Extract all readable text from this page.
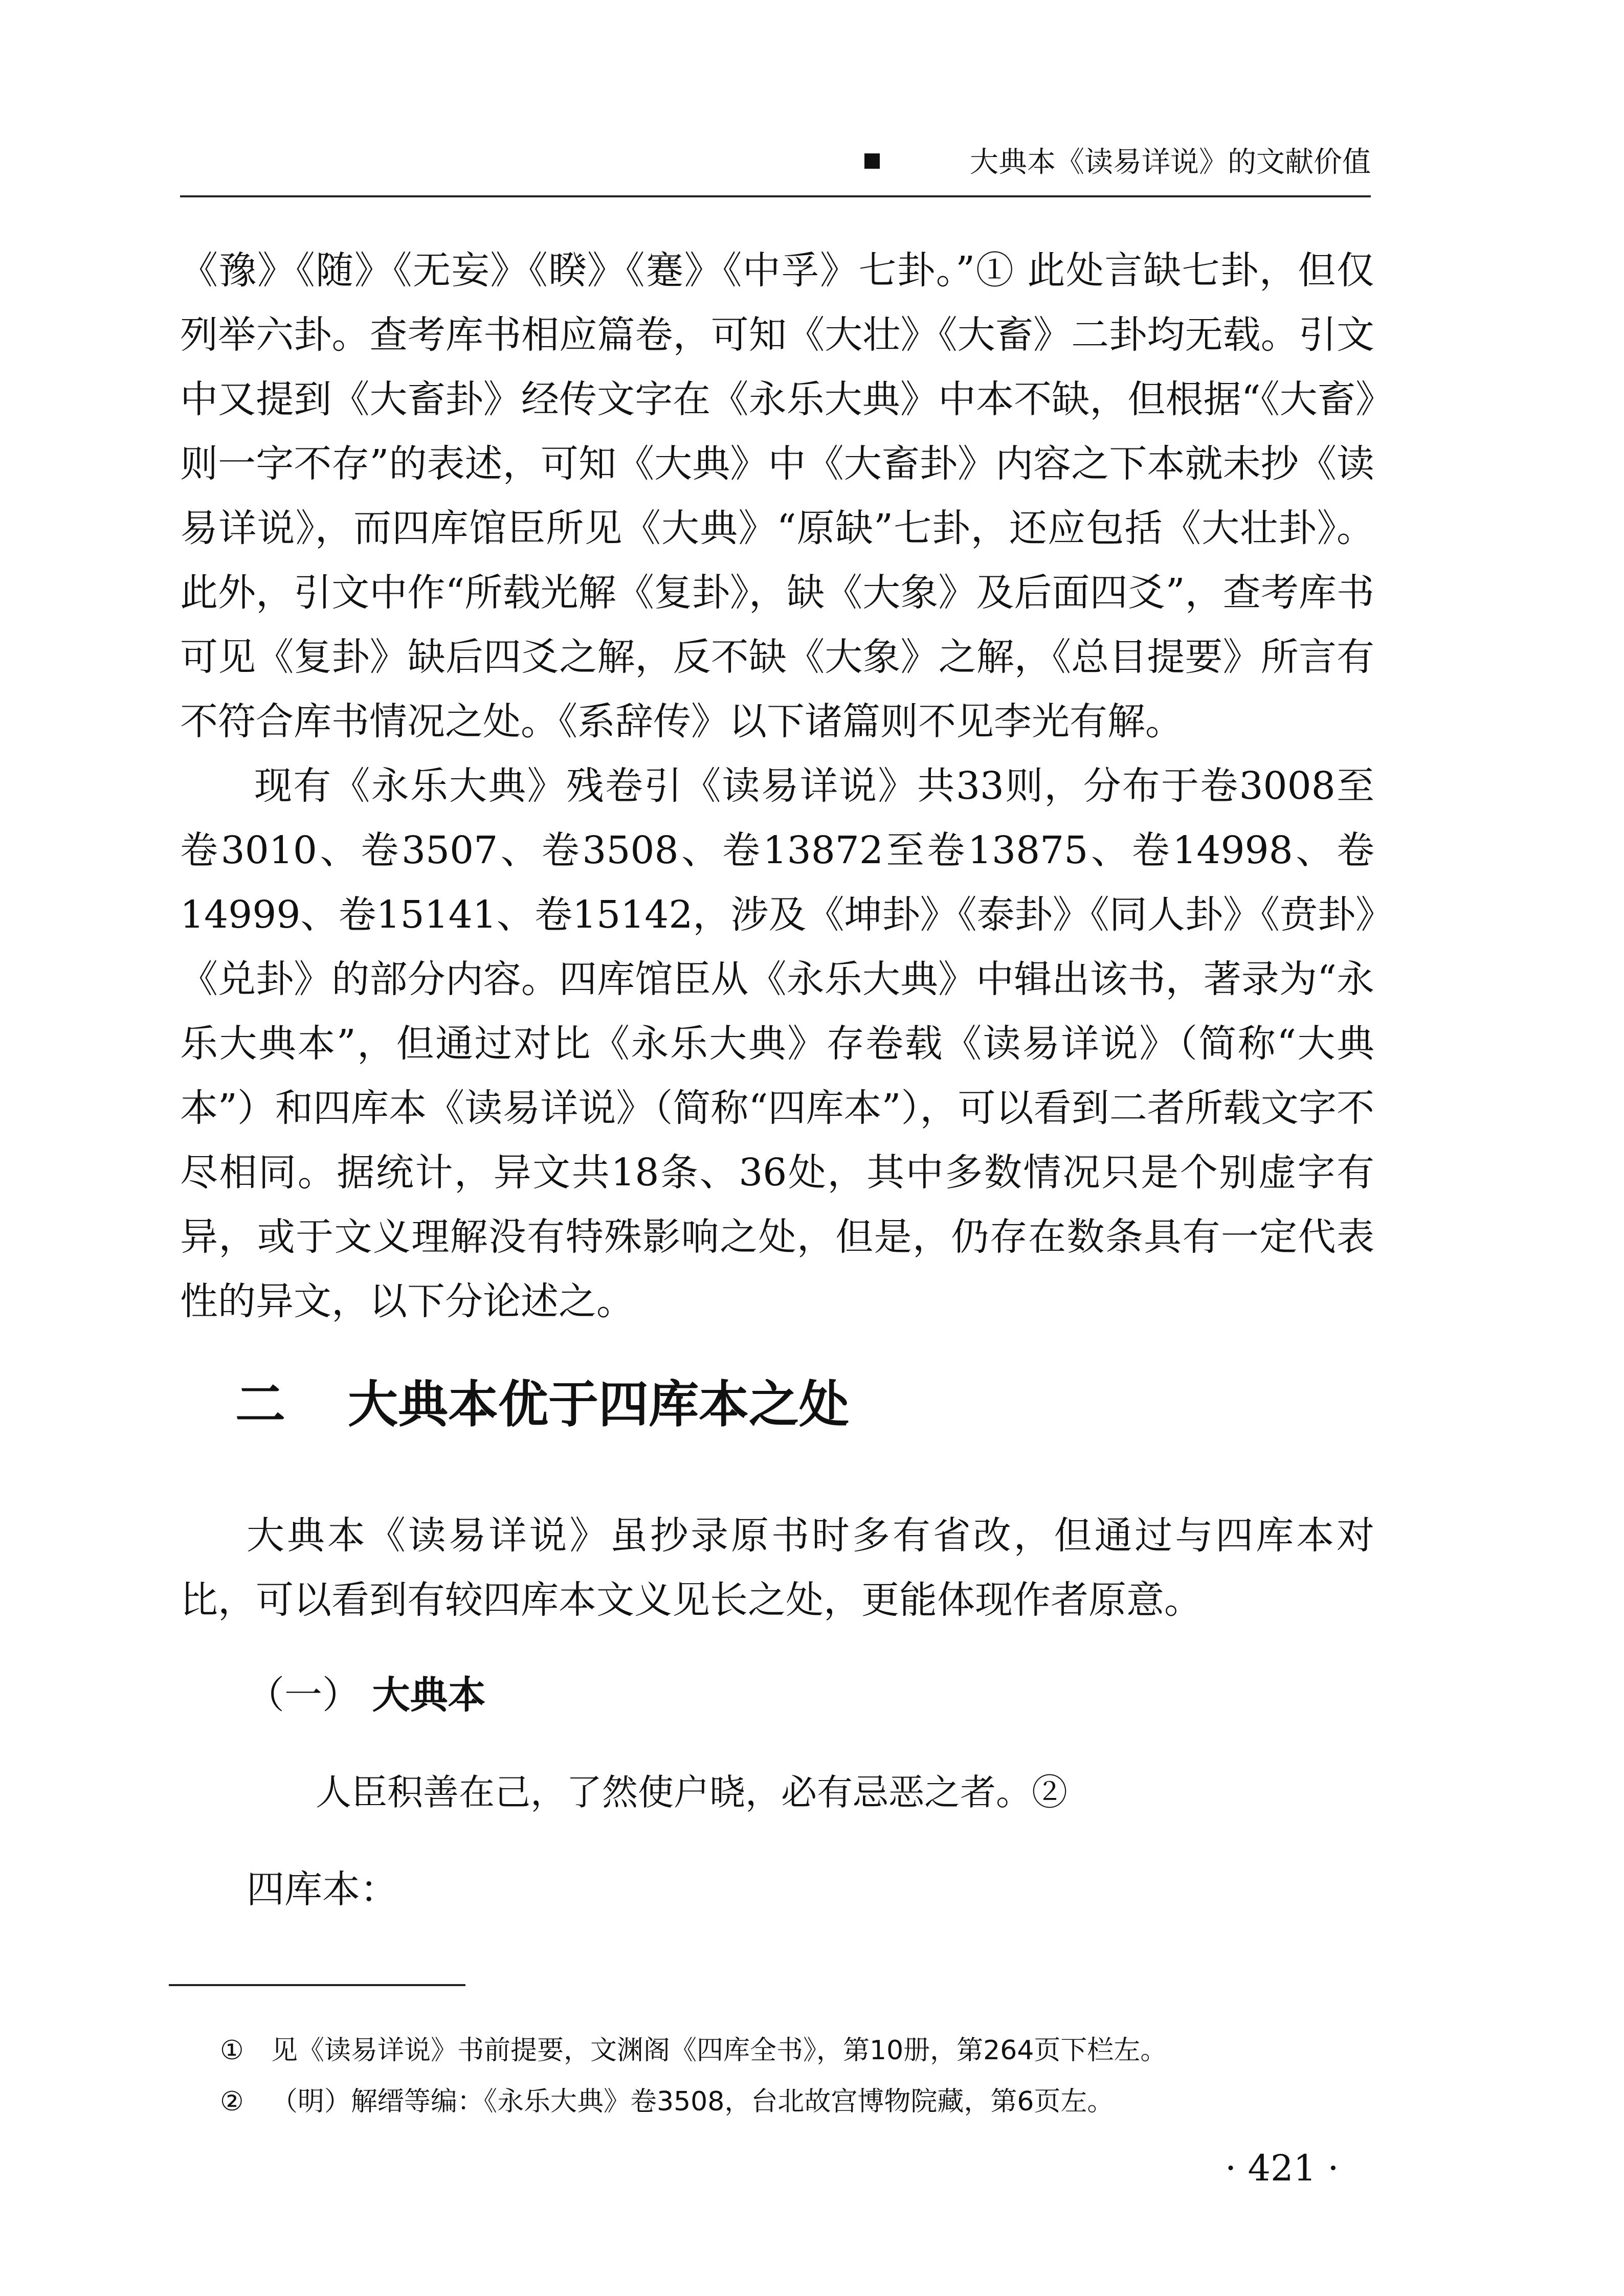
大典本《读易详说》的文献价值

《豫》《随》《无妄》《睽》《蹇》《中孚》七卦。”① 此处言缺七卦，但仅列举六卦。查考库书相应篇卷，可知《大壮》《大畜》二卦均无载。引文中又提到《大畜卦》经传文字在《永乐大典》中本不缺，但根据“《大畜》则一字不存”的表述，可知《大典》中《大畜卦》内容之下本就未抄《读易详说》，而四库馆臣所见《大典》“原缺”七卦，还应包括《大壮卦》。此外，引文中作“所载光解《复卦》，缺《大象》及后面四爻”，查考库书可见《复卦》缺后四爻之解，反不缺《大象》之解，《总目提要》所言有不符合库书情况之处。《系辞传》以下诸篇则不见李光有解。

现有《永乐大典》残卷引《读易详说》共33则，分布于卷3008至卷3010、卷3507、卷3508、卷13872至卷13875、卷14998、卷14999、卷15141、卷15142，涉及《坤卦》《泰卦》《同人卦》《贲卦》《兑卦》的部分内容。四库馆臣从《永乐大典》中辑出该书，著录为“永乐大典本”，但通过对比《永乐大典》存卷载《读易详说》（简称“大典本”）和四库本《读易详说》（简称“四库本”），可以看到二者所载文字不尽相同。据统计，异文共18条、36处，其中多数情况只是个别虚字有异，或于文义理解没有特殊影响之处，但是，仍存在数条具有一定代表性的异文，以下分论述之。

二 大典本优于四库本之处

大典本《读易详说》虽抄录原书时多有省改，但通过与四库本对比，可以看到有较四库本文义见长之处，更能体现作者原意。

（一） 大典本
人臣积善在己，了然使户晓，必有忌恶之者。②
四库本：
① 见《读易详说》书前提要，文渊阁《四库全书》，第10册，第264页下栏左。
② （明）解缙等编：《永乐大典》卷3508，台北故宫博物院藏，第6页左。
· 421 ·
